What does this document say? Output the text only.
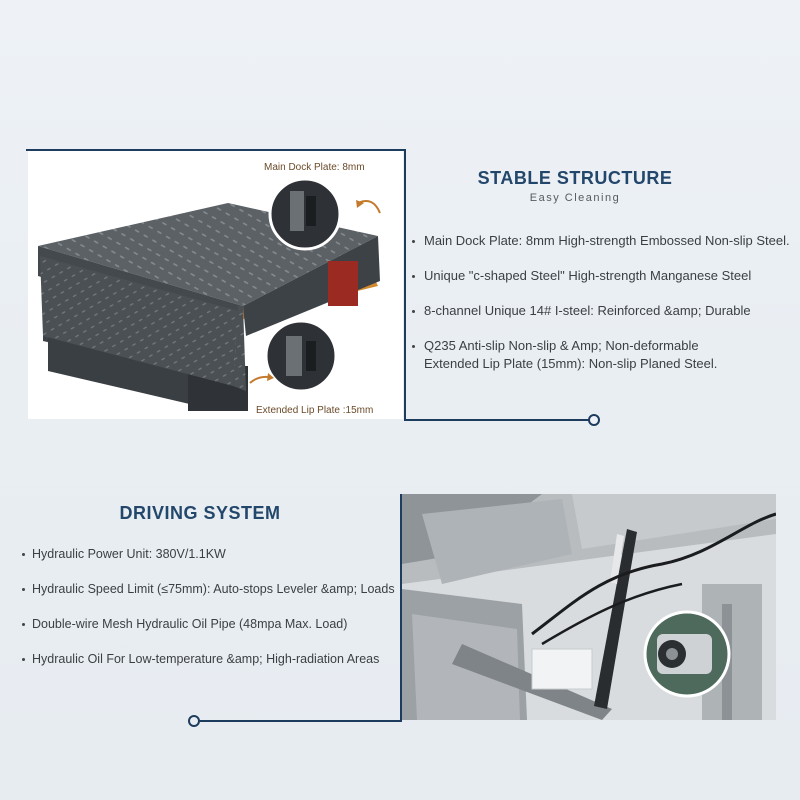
Main Dock Plate: 8mm
Extended Lip Plate :15mm
STABLE STRUCTURE
Easy Cleaning
Main Dock Plate: 8mm High-strength Embossed Non-slip Steel.
Unique "c-shaped Steel" High-strength Manganese Steel
8-channel Unique 14# I-steel: Reinforced &amp; Durable
Q235 Anti-slip Non-slip & Amp; Non-deformable
Extended Lip Plate (15mm): Non-slip Planed Steel.
DRIVING SYSTEM
Hydraulic Power Unit: 380V/1.1KW
Hydraulic Speed Limit (≤75mm): Auto-stops Leveler &amp; Loads
Double-wire Mesh Hydraulic Oil Pipe (48mpa Max. Load)
Hydraulic Oil For Low-temperature &amp; High-radiation Areas
